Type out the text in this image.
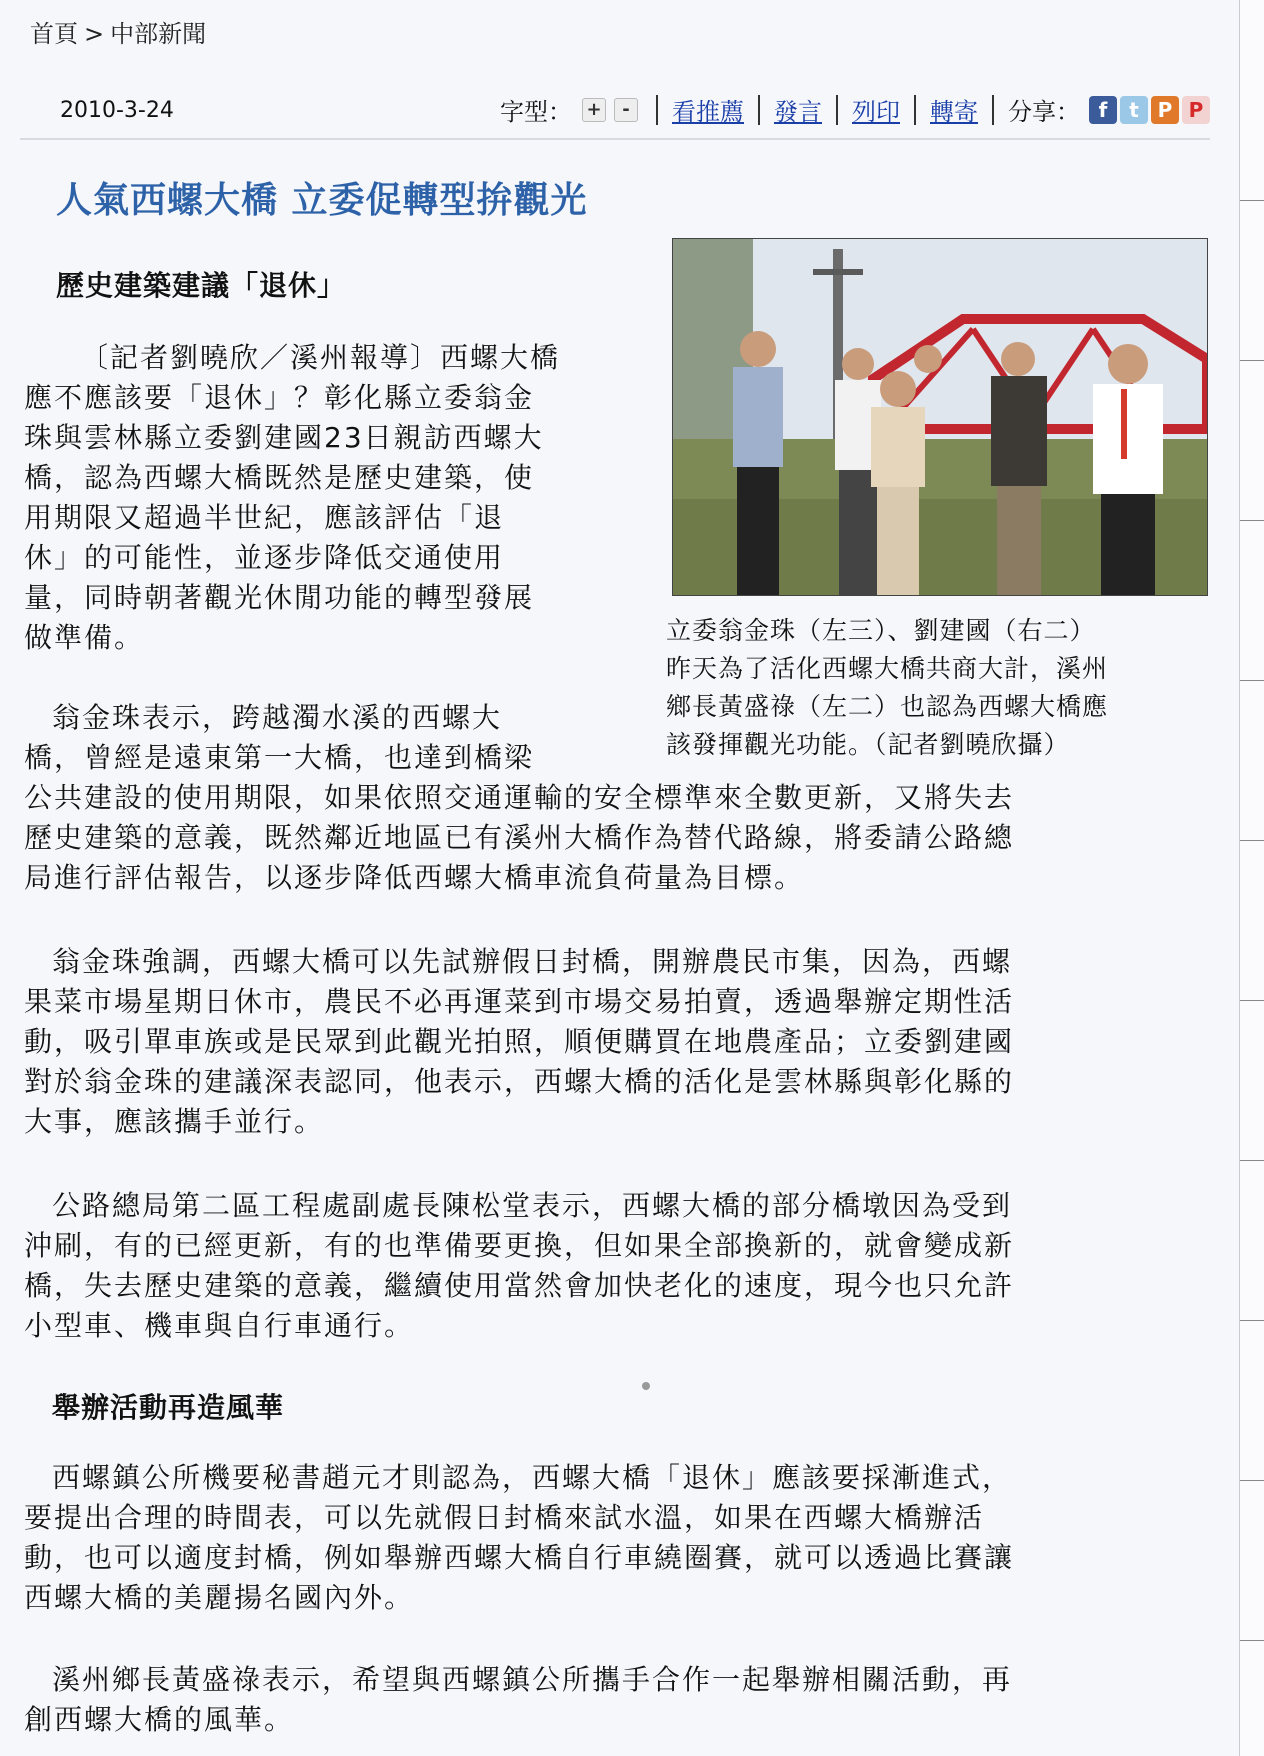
首頁 > 中部新聞
2010-3-24	字型： +	-	看推薦 發言 列印 轉寄 分享： f	t P P
人氣西螺大橋 立委促轉型拚觀光
歷史建築建議「退休」
〔記者劉曉欣／溪州報導〕西螺大橋
應不應該要「退休」？彰化縣立委翁金
珠與雲林縣立委劉建國23日親訪西螺大
橋，認為西螺大橋既然是歷史建築，使
用期限又超過半世紀，應該評估「退
休」的可能性，並逐步降低交通使用
量，同時朝著觀光休閒功能的轉型發展
做準備。	立委翁金珠（左三）、劉建國（右二）
昨天為了活化西螺大橋共商大計，溪州
鄉長黃盛祿（左二）也認為西螺大橋應
該發揮觀光功能。（記者劉曉欣攝）
翁金珠表示，跨越濁水溪的西螺大
橋，曾經是遠東第一大橋，也達到橋梁
公共建設的使用期限，如果依照交通運輸的安全標準來全數更新，又將失去
歷史建築的意義，既然鄰近地區已有溪州大橋作為替代路線，將委請公路總
局進行評估報告，以逐步降低西螺大橋車流負荷量為目標。
翁金珠強調，西螺大橋可以先試辦假日封橋，開辦農民市集，因為，西螺
果菜市場星期日休市，農民不必再運菜到市場交易拍賣，透過舉辦定期性活
動，吸引單車族或是民眾到此觀光拍照，順便購買在地農產品；立委劉建國
對於翁金珠的建議深表認同，他表示，西螺大橋的活化是雲林縣與彰化縣的
大事，應該攜手並行。
公路總局第二區工程處副處長陳松堂表示，西螺大橋的部分橋墩因為受到
沖刷，有的已經更新，有的也準備要更換，但如果全部換新的，就會變成新
橋，失去歷史建築的意義，繼續使用當然會加快老化的速度，現今也只允許
小型車、機車與自行車通行。
舉辦活動再造風華
西螺鎮公所機要秘書趙元才則認為，西螺大橋「退休」應該要採漸進式，
要提出合理的時間表，可以先就假日封橋來試水溫，如果在西螺大橋辦活
動，也可以適度封橋，例如舉辦西螺大橋自行車繞圈賽，就可以透過比賽讓
西螺大橋的美麗揚名國內外。
溪州鄉長黃盛祿表示，希望與西螺鎮公所攜手合作一起舉辦相關活動，再
創西螺大橋的風華。
